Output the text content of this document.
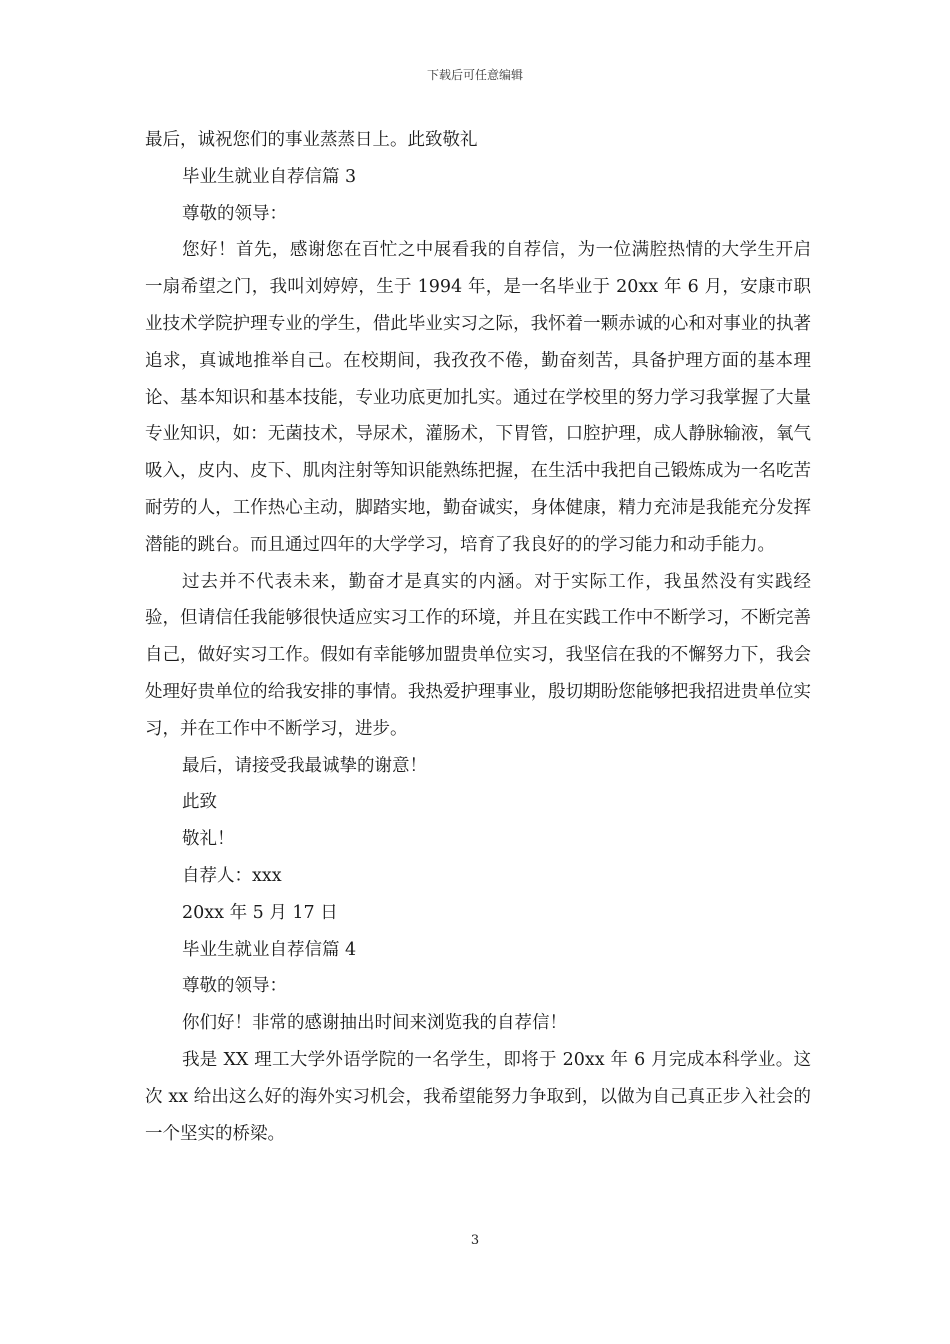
下载后可任意编辑

最后，诚祝您们的事业蒸蒸日上。此致敬礼

毕业生就业自荐信篇 3

尊敬的领导：

您好！首先，感谢您在百忙之中展看我的自荐信，为一位满腔热情的大学生开启一扇希望之门，我叫刘婷婷，生于 1994 年，是一名毕业于 20xx 年 6 月，安康市职业技术学院护理专业的学生，借此毕业实习之际，我怀着一颗赤诚的心和对事业的执著追求，真诚地推举自己。在校期间，我孜孜不倦，勤奋刻苦，具备护理方面的基本理论、基本知识和基本技能，专业功底更加扎实。通过在学校里的努力学习我掌握了大量专业知识，如：无菌技术，导尿术，灌肠术，下胃管，口腔护理，成人静脉输液，氧气吸入，皮内、皮下、肌肉注射等知识能熟练把握，在生活中我把自己锻炼成为一名吃苦耐劳的人，工作热心主动，脚踏实地，勤奋诚实，身体健康，精力充沛是我能充分发挥潜能的跳台。而且通过四年的大学学习，培育了我良好的的学习能力和动手能力。

过去并不代表未来，勤奋才是真实的内涵。对于实际工作，我虽然没有实践经验，但请信任我能够很快适应实习工作的环境，并且在实践工作中不断学习，不断完善自己，做好实习工作。假如有幸能够加盟贵单位实习，我坚信在我的不懈努力下，我会处理好贵单位的给我安排的事情。我热爱护理事业，殷切期盼您能够把我招进贵单位实习，并在工作中不断学习，进步。

最后，请接受我最诚挚的谢意！

此致

敬礼！

自荐人：xxx

20xx 年 5 月 17 日

毕业生就业自荐信篇 4

尊敬的领导：

你们好！非常的感谢抽出时间来浏览我的自荐信！

我是 XX 理工大学外语学院的一名学生，即将于 20xx 年 6 月完成本科学业。这次 xx 给出这么好的海外实习机会，我希望能努力争取到，以做为自己真正步入社会的一个坚实的桥梁。

3
